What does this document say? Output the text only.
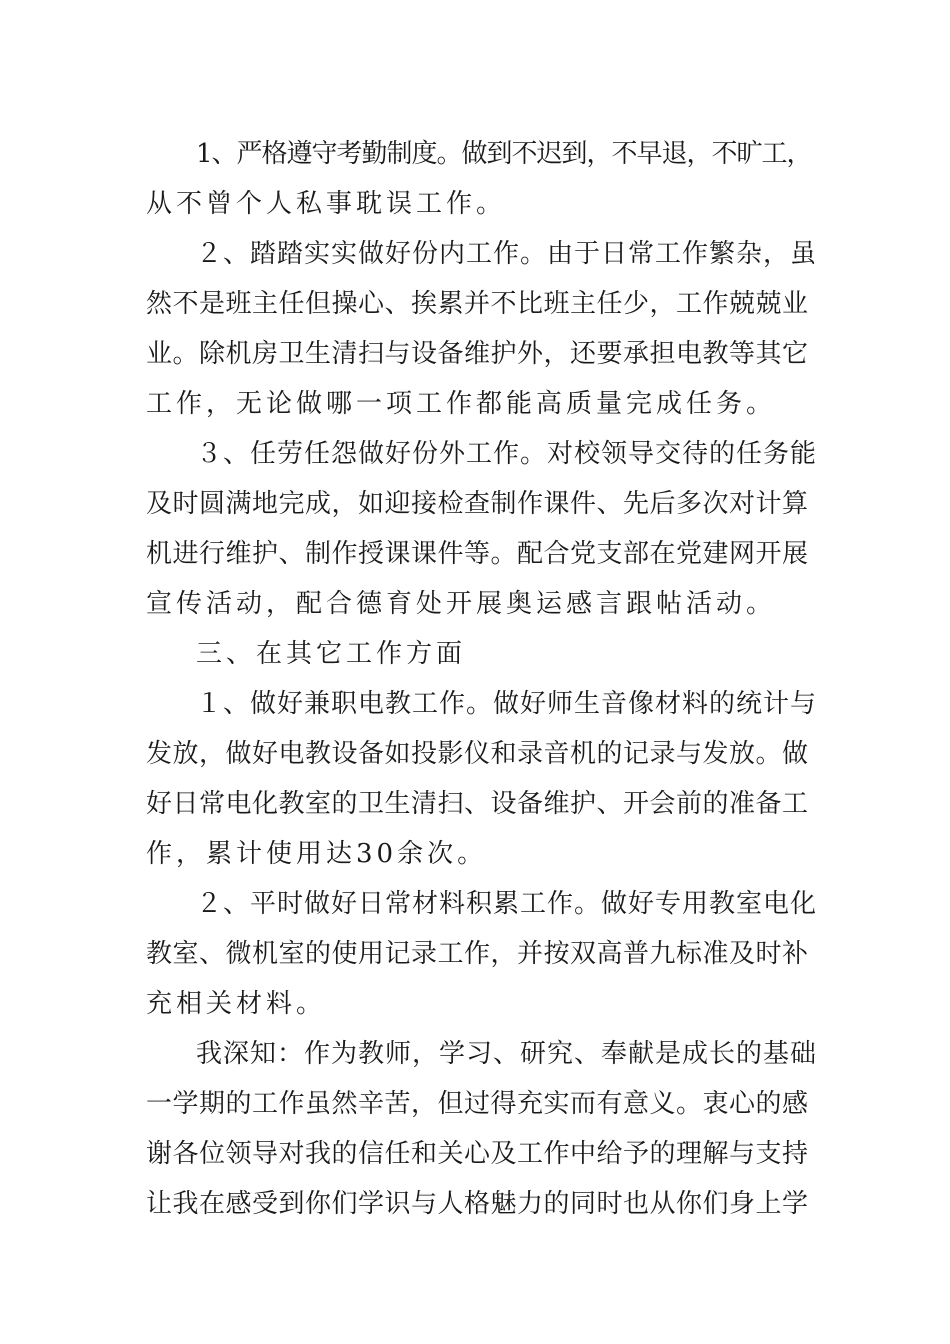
1、严格遵守考勤制度。做到不迟到，不早退，不旷工，
从不曾个人私事耽误工作。
２、踏踏实实做好份内工作。由于日常工作繁杂，虽
然不是班主任但操心、挨累并不比班主任少，工作兢兢业
业。除机房卫生清扫与设备维护外，还要承担电教等其它
工作，无论做哪一项工作都能高质量完成任务。
３、任劳任怨做好份外工作。对校领导交待的任务能
及时圆满地完成，如迎接检查制作课件、先后多次对计算
机进行维护、制作授课课件等。配合党支部在党建网开展
宣传活动，配合德育处开展奥运感言跟帖活动。
三、在其它工作方面
１、做好兼职电教工作。做好师生音像材料的统计与
发放，做好电教设备如投影仪和录音机的记录与发放。做
好日常电化教室的卫生清扫、设备维护、开会前的准备工
作，累计使用达30余次。
２、平时做好日常材料积累工作。做好专用教室电化
教室、微机室的使用记录工作，并按双高普九标准及时补
充相关材料。
我深知：作为教师，学习、研究、奉献是成长的基础
一学期的工作虽然辛苦，但过得充实而有意义。衷心的感
谢各位领导对我的信任和关心及工作中给予的理解与支持
让我在感受到你们学识与人格魅力的同时也从你们身上学
